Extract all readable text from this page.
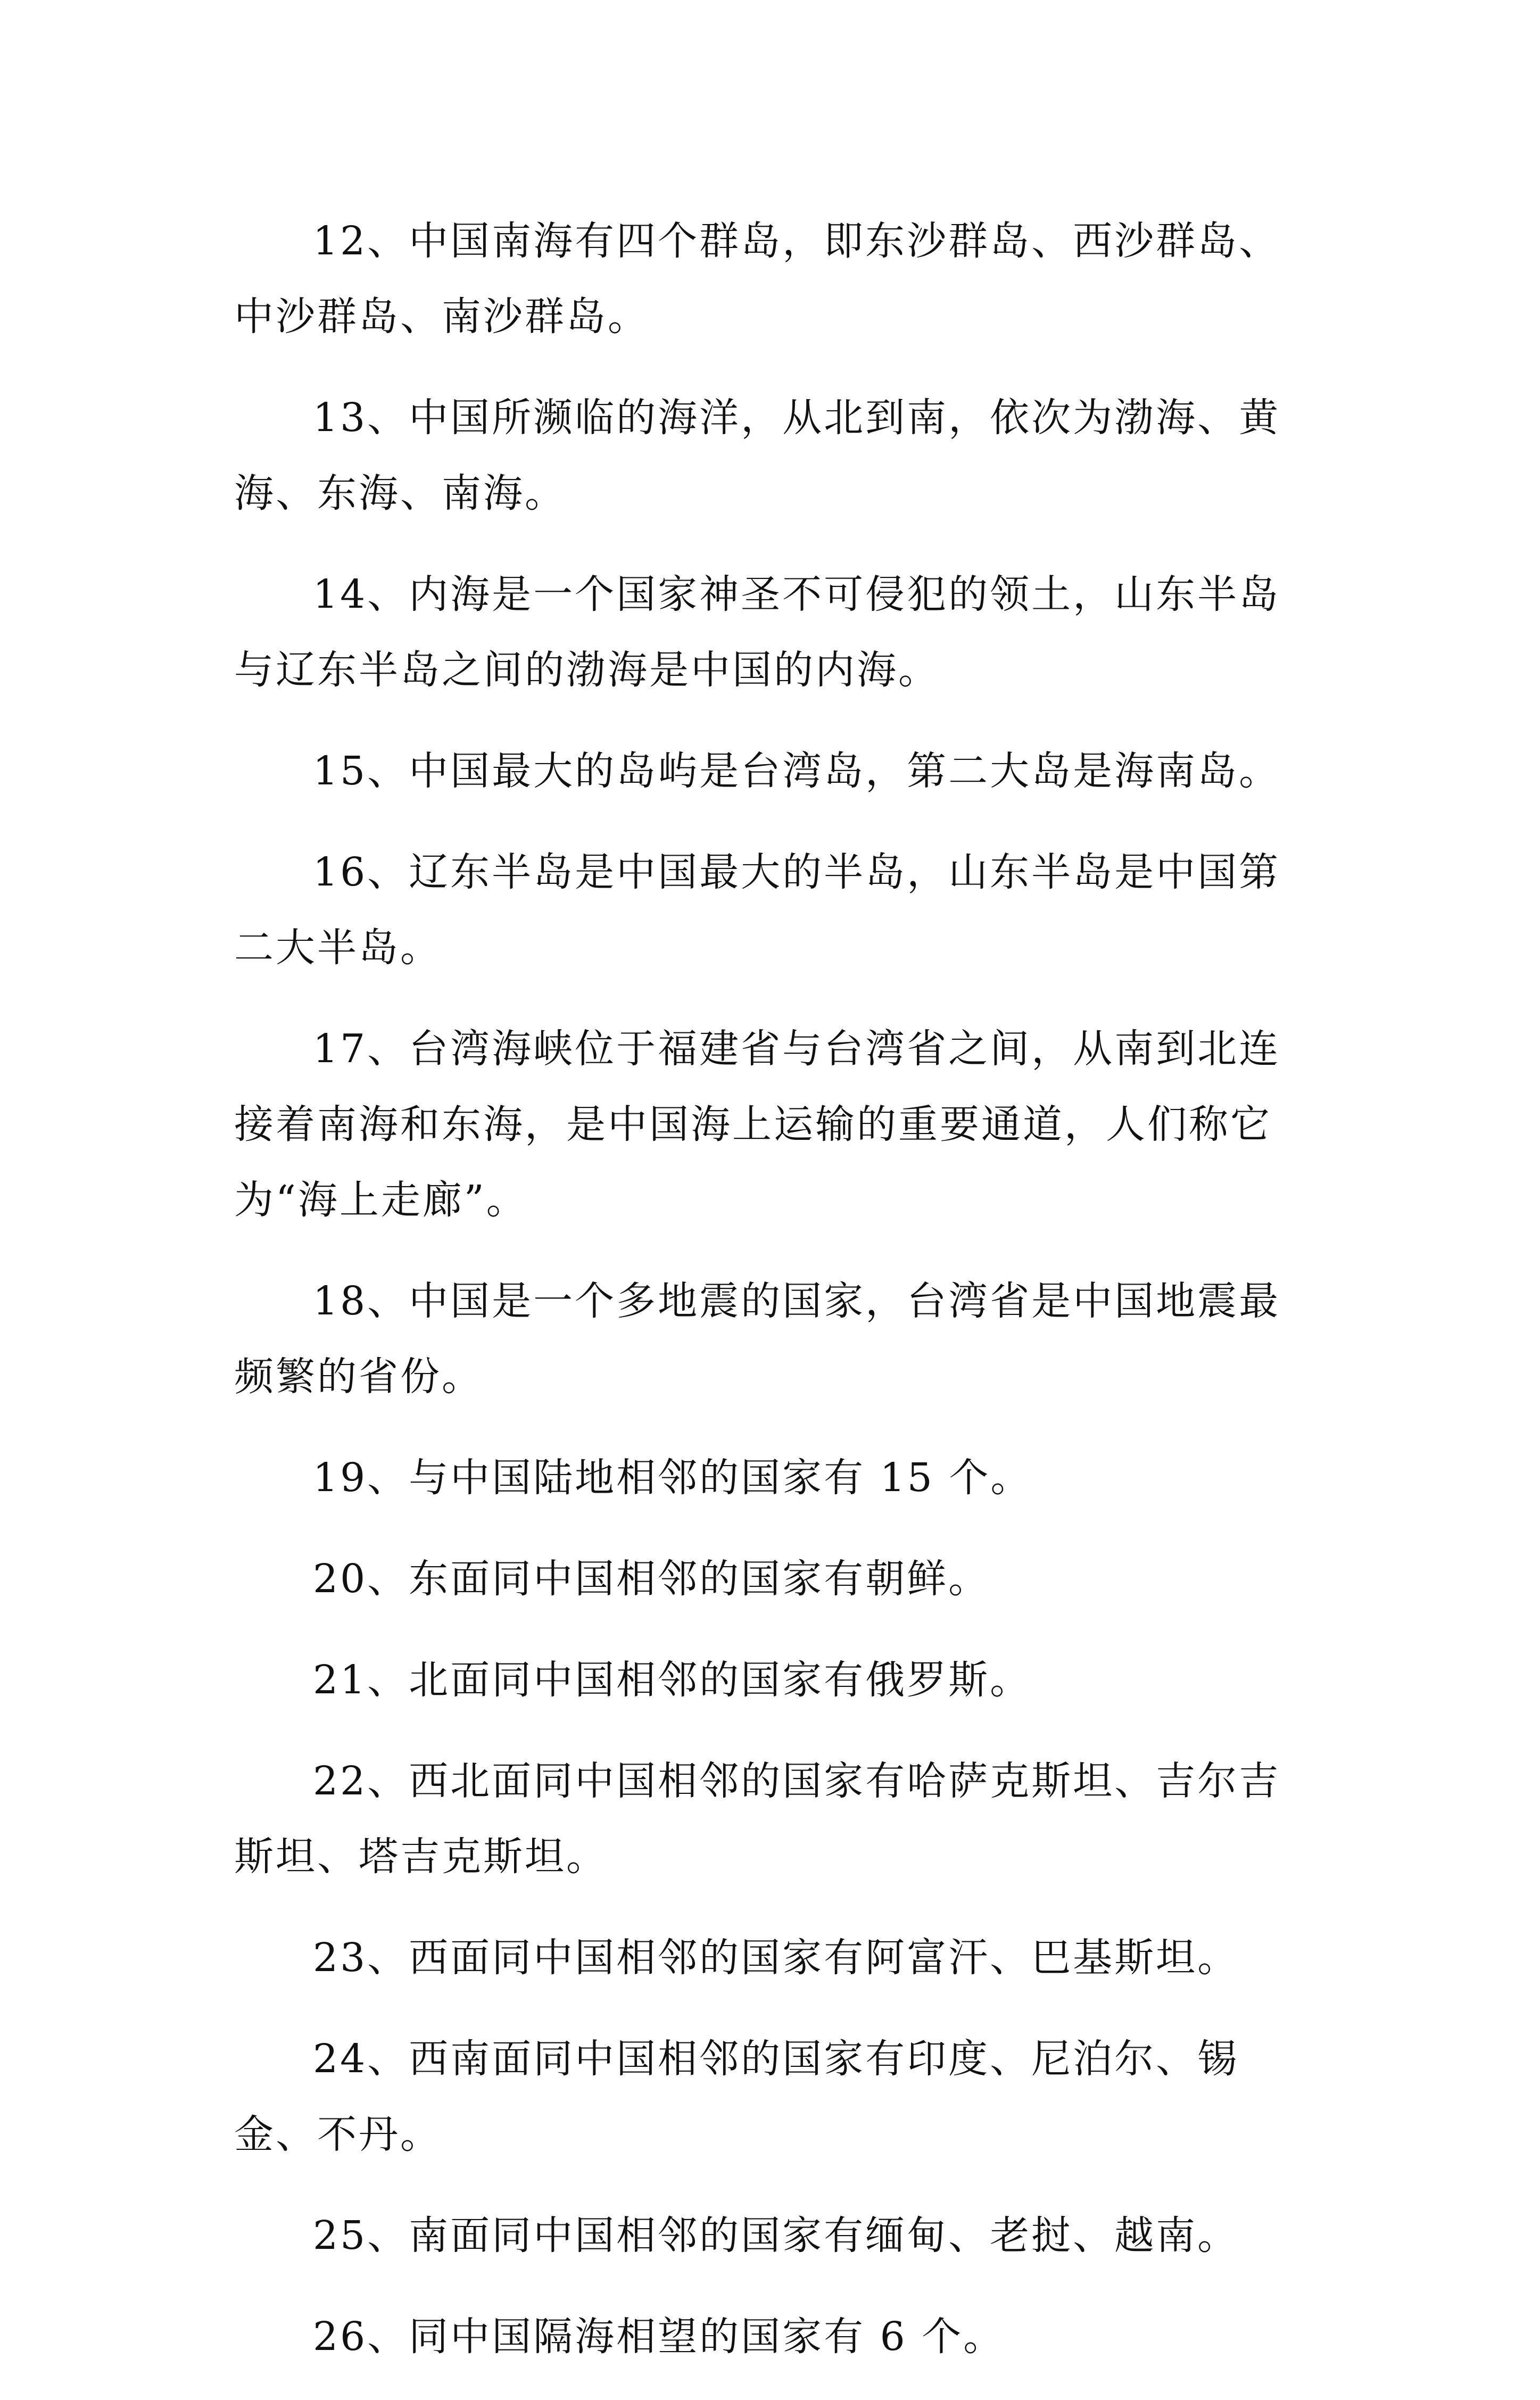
12、中国南海有四个群岛，即东沙群岛、西沙群岛、中沙群岛、南沙群岛。

13、中国所濒临的海洋，从北到南，依次为渤海、黄海、东海、南海。

14、内海是一个国家神圣不可侵犯的领土，山东半岛与辽东半岛之间的渤海是中国的内海。

15、中国最大的岛屿是台湾岛，第二大岛是海南岛。

16、辽东半岛是中国最大的半岛，山东半岛是中国第二大半岛。

17、台湾海峡位于福建省与台湾省之间，从南到北连接着南海和东海，是中国海上运输的重要通道，人们称它为“海上走廊”。

18、中国是一个多地震的国家，台湾省是中国地震最频繁的省份。

19、与中国陆地相邻的国家有 15 个。

20、东面同中国相邻的国家有朝鲜。

21、北面同中国相邻的国家有俄罗斯。

22、西北面同中国相邻的国家有哈萨克斯坦、吉尔吉斯坦、塔吉克斯坦。

23、西面同中国相邻的国家有阿富汗、巴基斯坦。

24、西南面同中国相邻的国家有印度、尼泊尔、锡金、不丹。

25、南面同中国相邻的国家有缅甸、老挝、越南。

26、同中国隔海相望的国家有 6 个。
